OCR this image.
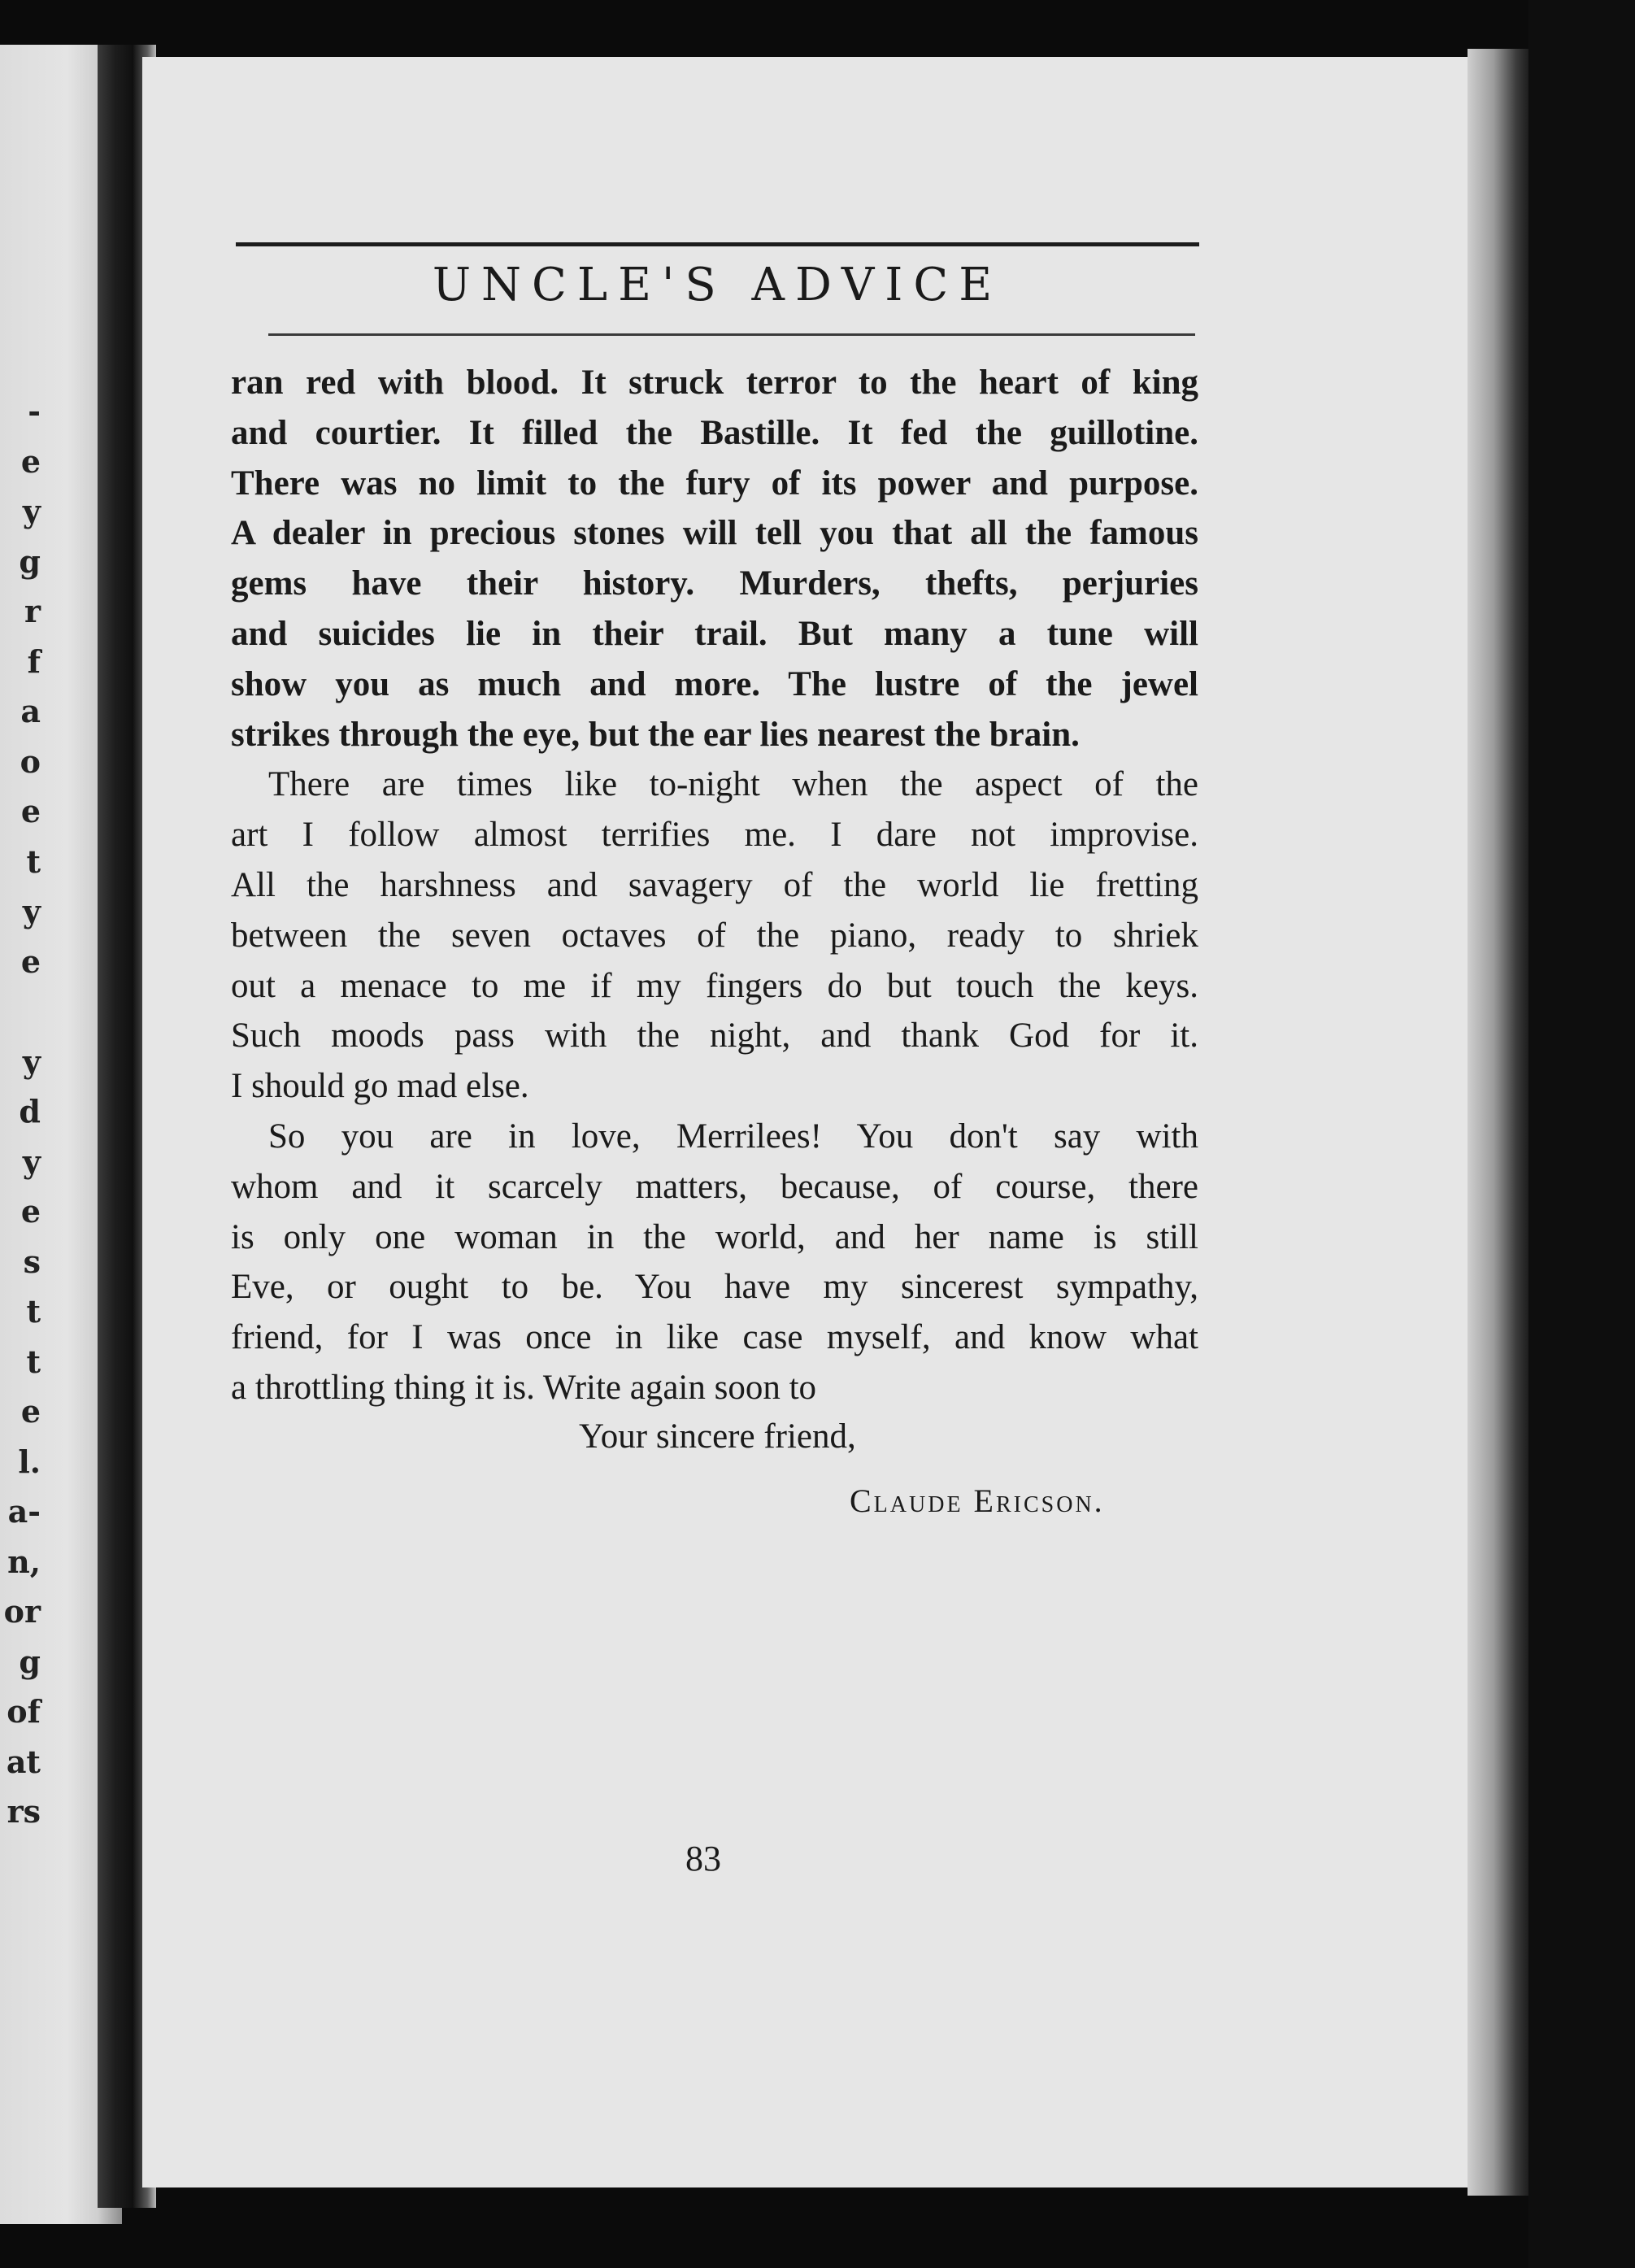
-
e
y
g
r
f
a
o
e
t
y
e
y
d
y
e
s
t
t
e
l.
a-
n,
or
g
of
at
rs
UNCLE'S ADVICE
ran red with blood. It struck terror to the heart of king
and courtier. It filled the Bastille. It fed the guillotine.
There was no limit to the fury of its power and purpose.
A dealer in precious stones will tell you that all the famous
gems have their history. Murders, thefts, perjuries
and suicides lie in their trail. But many a tune will
show you as much and more. The lustre of the jewel
strikes through the eye, but the ear lies nearest the brain.
There are times like to-night when the aspect of the
art I follow almost terrifies me. I dare not improvise.
All the harshness and savagery of the world lie fretting
between the seven octaves of the piano, ready to shriek
out a menace to me if my fingers do but touch the keys.
Such moods pass with the night, and thank God for it.
I should go mad else.
So you are in love, Merrilees! You don't say with
whom and it scarcely matters, because, of course, there
is only one woman in the world, and her name is still
Eve, or ought to be. You have my sincerest sympathy,
friend, for I was once in like case myself, and know what
a throttling thing it is. Write again soon to
Your sincere friend,
Claude Ericson.
83
